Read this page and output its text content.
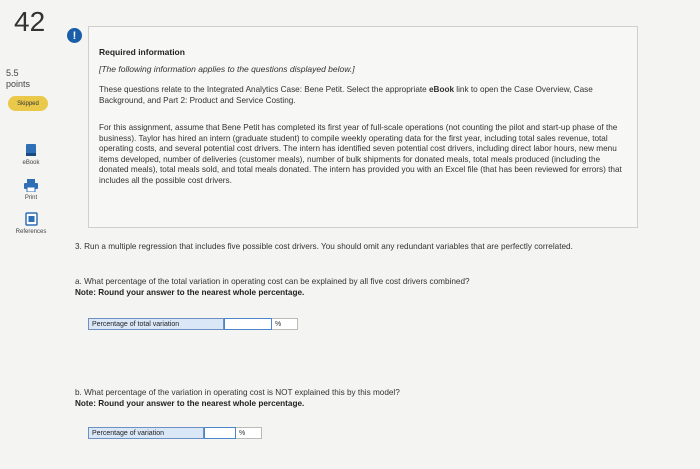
42
5.5
points
Skipped
eBook
Print
References
!
Required information
[The following information applies to the questions displayed below.]

These questions relate to the Integrated Analytics Case: Bene Petit. Select the appropriate eBook link to open the Case Overview, Case Background, and Part 2: Product and Service Costing.

For this assignment, assume that Bene Petit has completed its first year of full-scale operations (not counting the pilot and start-up phase of the business). Taylor has hired an intern (graduate student) to compile weekly operating data for the first year, including total sales revenue, total operating costs, and several potential cost drivers. The intern has identified seven potential cost drivers, including direct labor hours, new menu items developed, number of deliveries (customer meals), number of bulk shipments for donated meals, total meals produced (including the donated meals), total meals sold, and total meals donated. The intern has provided you with an Excel file (that has been reviewed for errors) that includes all the possible cost drivers.

3. Run a multiple regression that includes five possible cost drivers. You should omit any redundant variables that are perfectly correlated.

a. What percentage of the total variation in operating cost can be explained by all five cost drivers combined?
Note: Round your answer to the nearest whole percentage.

Percentage of total variation	%

b. What percentage of the variation in operating cost is NOT explained this by this model?
Note: Round your answer to the nearest whole percentage.

Percentage of variation	%
